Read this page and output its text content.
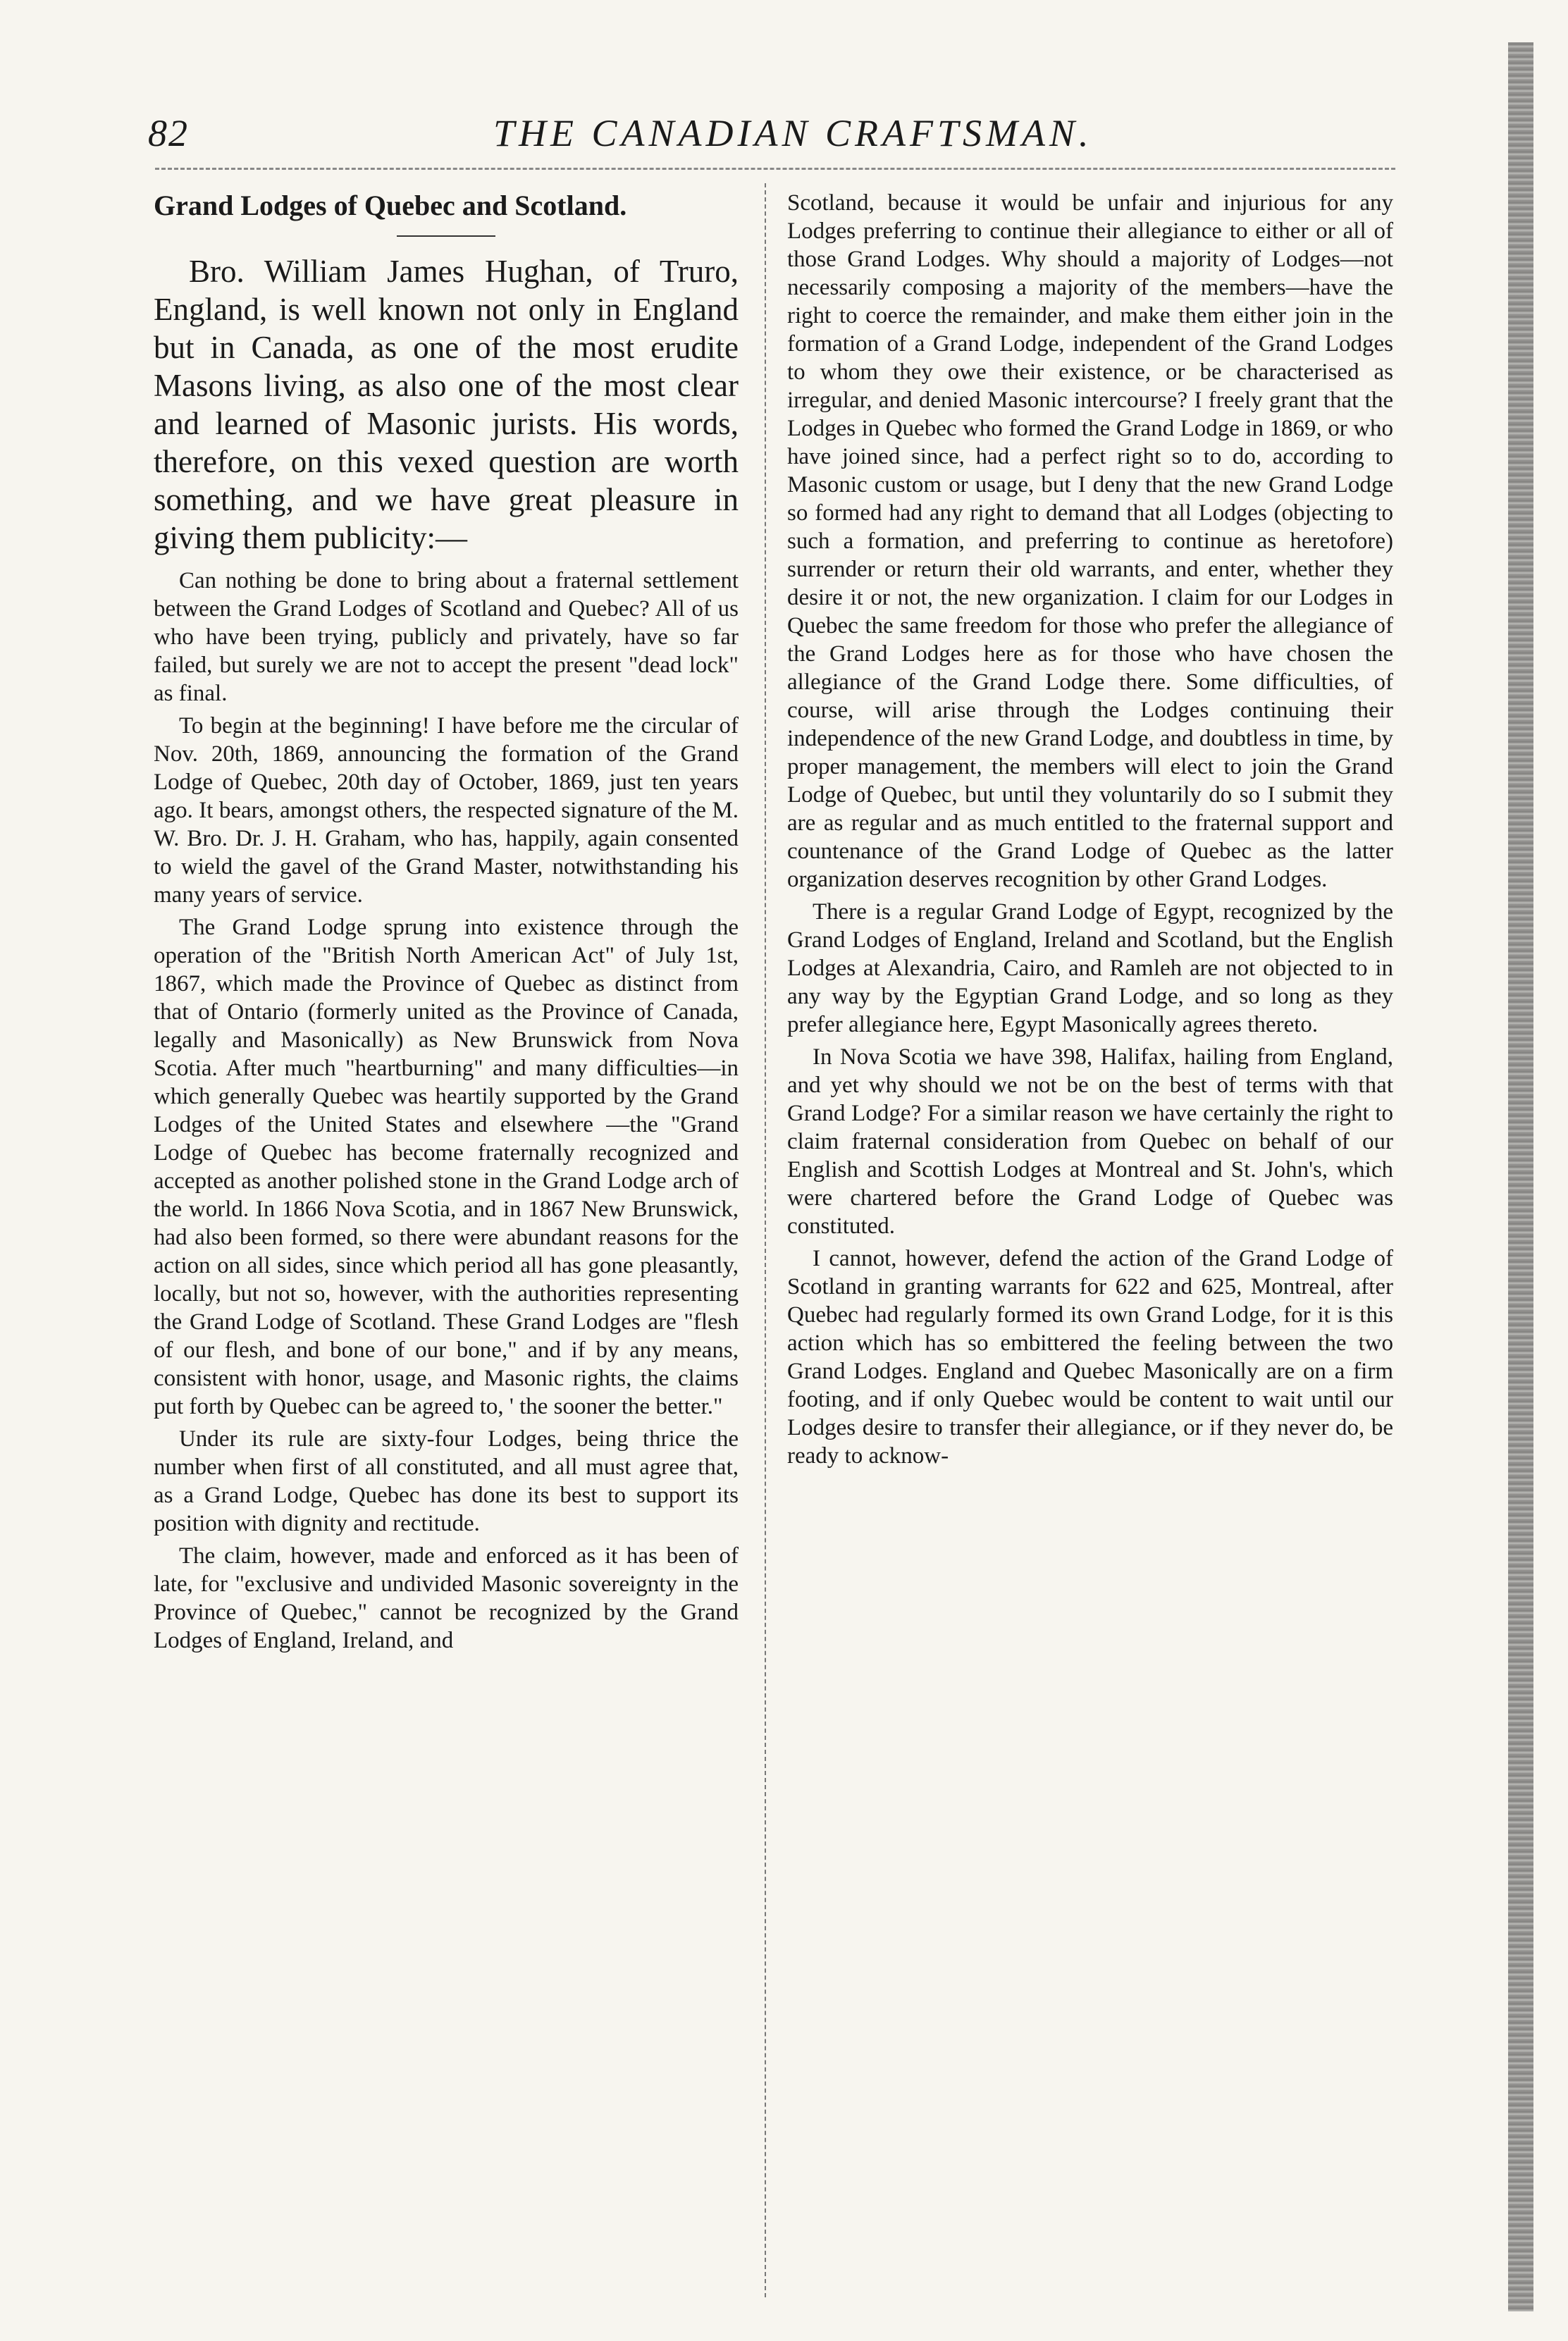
82	THE CANADIAN CRAFTSMAN.
Grand Lodges of Quebec and Scotland.

Bro. William James Hughan, of Truro, England, is well known not only in England but in Canada, as one of the most erudite Masons living, as also one of the most clear and learned of Masonic jurists. His words, therefore, on this vexed question are worth something, and we have great pleasure in giving them publicity:—

Can nothing be done to bring about a fraternal settlement between the Grand Lodges of Scotland and Quebec? All of us who have been trying, publicly and privately, have so far failed, but surely we are not to accept the present "dead lock" as final.

To begin at the beginning! I have before me the circular of Nov. 20th, 1869, announcing the formation of the Grand Lodge of Quebec, 20th day of October, 1869, just ten years ago. It bears, amongst others, the respected signature of the M. W. Bro. Dr. J. H. Graham, who has, happily, again consented to wield the gavel of the Grand Master, notwithstanding his many years of service.

The Grand Lodge sprung into existence through the operation of the "British North American Act" of July 1st, 1867, which made the Province of Quebec as distinct from that of Ontario (formerly united as the Province of Canada, legally and Masonically) as New Brunswick from Nova Scotia. After much "heartburning" and many difficulties—in which generally Quebec was heartily supported by the Grand Lodges of the United States and elsewhere —the "Grand Lodge of Quebec has become fraternally recognized and accepted as another polished stone in the Grand Lodge arch of the world. In 1866 Nova Scotia, and in 1867 New Brunswick, had also been formed, so there were abundant reasons for the action on all sides, since which period all has gone pleasantly, locally, but not so, however, with the authorities representing the Grand Lodge of Scotland. These Grand Lodges are "flesh of our flesh, and bone of our bone," and if by any means, consistent with honor, usage, and Masonic rights, the claims put forth by Quebec can be agreed to, ' the sooner the better."

Under its rule are sixty-four Lodges, being thrice the number when first of all constituted, and all must agree that, as a Grand Lodge, Quebec has done its best to support its position with dignity and rectitude.

The claim, however, made and enforced as it has been of late, for "exclusive and undivided Masonic sovereignty in the Province of Quebec," cannot be recognized by the Grand Lodges of England, Ireland, and

Scotland, because it would be unfair and injurious for any Lodges preferring to continue their allegiance to either or all of those Grand Lodges. Why should a majority of Lodges—not necessarily composing a majority of the members—have the right to coerce the remainder, and make them either join in the formation of a Grand Lodge, independent of the Grand Lodges to whom they owe their existence, or be characterised as irregular, and denied Masonic intercourse? I freely grant that the Lodges in Quebec who formed the Grand Lodge in 1869, or who have joined since, had a perfect right so to do, according to Masonic custom or usage, but I deny that the new Grand Lodge so formed had any right to demand that all Lodges (objecting to such a formation, and preferring to continue as heretofore) surrender or return their old warrants, and enter, whether they desire it or not, the new organization. I claim for our Lodges in Quebec the same freedom for those who prefer the allegiance of the Grand Lodges here as for those who have chosen the allegiance of the Grand Lodge there. Some difficulties, of course, will arise through the Lodges continuing their independence of the new Grand Lodge, and doubtless in time, by proper management, the members will elect to join the Grand Lodge of Quebec, but until they voluntarily do so I submit they are as regular and as much entitled to the fraternal support and countenance of the Grand Lodge of Quebec as the latter organization deserves recognition by other Grand Lodges.

There is a regular Grand Lodge of Egypt, recognized by the Grand Lodges of England, Ireland and Scotland, but the English Lodges at Alexandria, Cairo, and Ramleh are not objected to in any way by the Egyptian Grand Lodge, and so long as they prefer allegiance here, Egypt Masonically agrees thereto.

In Nova Scotia we have 398, Halifax, hailing from England, and yet why should we not be on the best of terms with that Grand Lodge? For a similar reason we have certainly the right to claim fraternal consideration from Quebec on behalf of our English and Scottish Lodges at Montreal and St. John's, which were chartered before the Grand Lodge of Quebec was constituted.

I cannot, however, defend the action of the Grand Lodge of Scotland in granting warrants for 622 and 625, Montreal, after Quebec had regularly formed its own Grand Lodge, for it is this action which has so embittered the feeling between the two Grand Lodges. England and Quebec Masonically are on a firm footing, and if only Quebec would be content to wait until our Lodges desire to transfer their allegiance, or if they never do, be ready to acknow-
